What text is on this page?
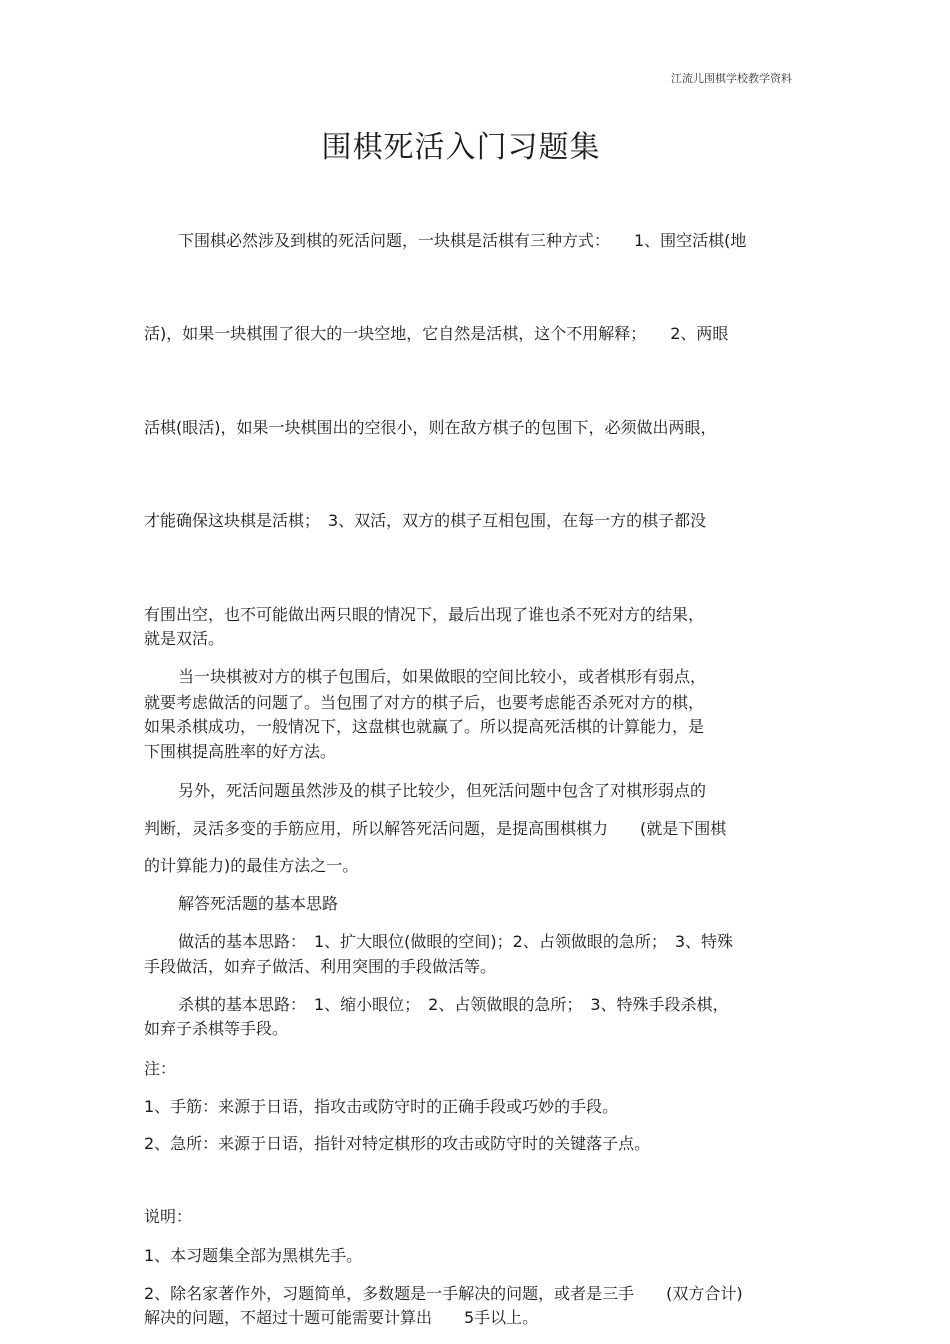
江流儿围棋学校教学资料
围棋死活入门习题集

下围棋必然涉及到棋的死活问题，一块棋是活棋有三种方式：　　1、围空活棋(地

活)，如果一块棋围了很大的一块空地，它自然是活棋，这个不用解释；　　2、两眼

活棋(眼活)，如果一块棋围出的空很小，则在敌方棋子的包围下，必须做出两眼，

才能确保这块棋是活棋；　3、双活，双方的棋子互相包围，在每一方的棋子都没

有围出空，也不可能做出两只眼的情况下，最后出现了谁也杀不死对方的结果，

就是双活。

当一块棋被对方的棋子包围后，如果做眼的空间比较小，或者棋形有弱点，

就要考虑做活的问题了。当包围了对方的棋子后，也要考虑能否杀死对方的棋，

如果杀棋成功，一般情况下，这盘棋也就赢了。所以提高死活棋的计算能力，是

下围棋提高胜率的好方法。

另外，死活问题虽然涉及的棋子比较少，但死活问题中包含了对棋形弱点的

判断，灵活多变的手筋应用，所以解答死活问题，是提高围棋棋力　　(就是下围棋

的计算能力)的最佳方法之一。

解答死活题的基本思路

做活的基本思路：　1、扩大眼位(做眼的空间)；2、占领做眼的急所；　3、特殊

手段做活，如弃子做活、利用突围的手段做活等。

杀棋的基本思路：　1、缩小眼位；　2、占领做眼的急所；　3、特殊手段杀棋，

如弃子杀棋等手段。

注：

1、手筋：来源于日语，指攻击或防守时的正确手段或巧妙的手段。

2、急所：来源于日语，指针对特定棋形的攻击或防守时的关键落子点。

说明：

1、本习题集全部为黑棋先手。

2、除名家著作外，习题简单，多数题是一手解决的问题，或者是三手　　(双方合计)

解决的问题，不超过十题可能需要计算出　　5手以上。
